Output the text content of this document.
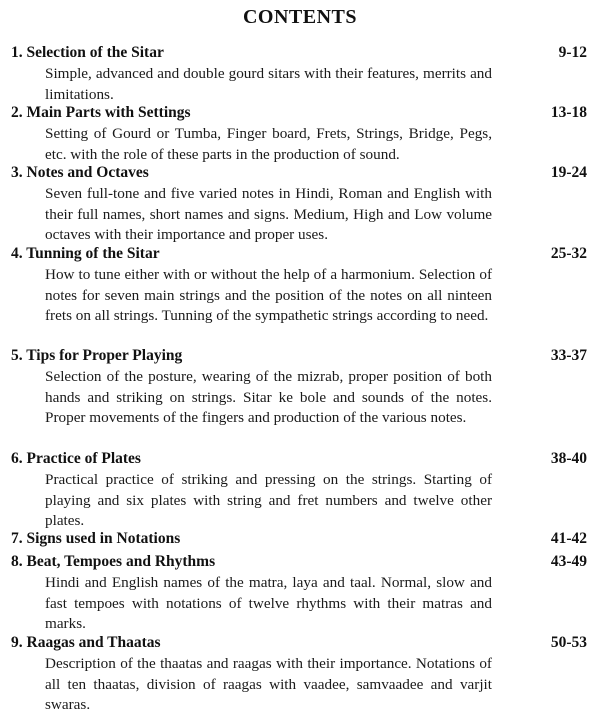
CONTENTS
1. Selection of the Sitar	9-12

Simple, advanced and double gourd sitars with their features, merrits and limitations.

2. Main Parts with Settings	13-18

Setting of Gourd or Tumba, Finger board, Frets, Strings, Bridge, Pegs, etc. with the role of these parts in the production of sound.

3. Notes and Octaves	19-24

Seven full-tone and five varied notes in Hindi, Roman and English with their full names, short names and signs. Medium, High and Low volume octaves with their importance and proper uses.

4. Tunning of the Sitar	25-32

How to tune either with or without the help of a harmonium. Selection of notes for seven main strings and the position of the notes on all ninteen frets on all strings. Tunning of the sympathetic strings according to need.

5. Tips for Proper Playing	33-37

Selection of the posture, wearing of the mizrab, proper position of both hands and striking on strings. Sitar ke bole and sounds of the notes. Proper movements of the fingers and production of the various notes.

6. Practice of Plates	38-40

Practical practice of striking and pressing on the strings. Starting of playing and six plates with string and fret numbers and twelve other plates.

7. Signs used in Notations	41-42
8. Beat, Tempoes and Rhythms	43-49

Hindi and English names of the matra, laya and taal. Normal, slow and fast tempoes with notations of twelve rhythms with their matras and marks.

9. Raagas and Thaatas	50-53

Description of the thaatas and raagas with their importance. Notations of all ten thaatas, division of raagas with vaadee, samvaadee and varjit swaras.
